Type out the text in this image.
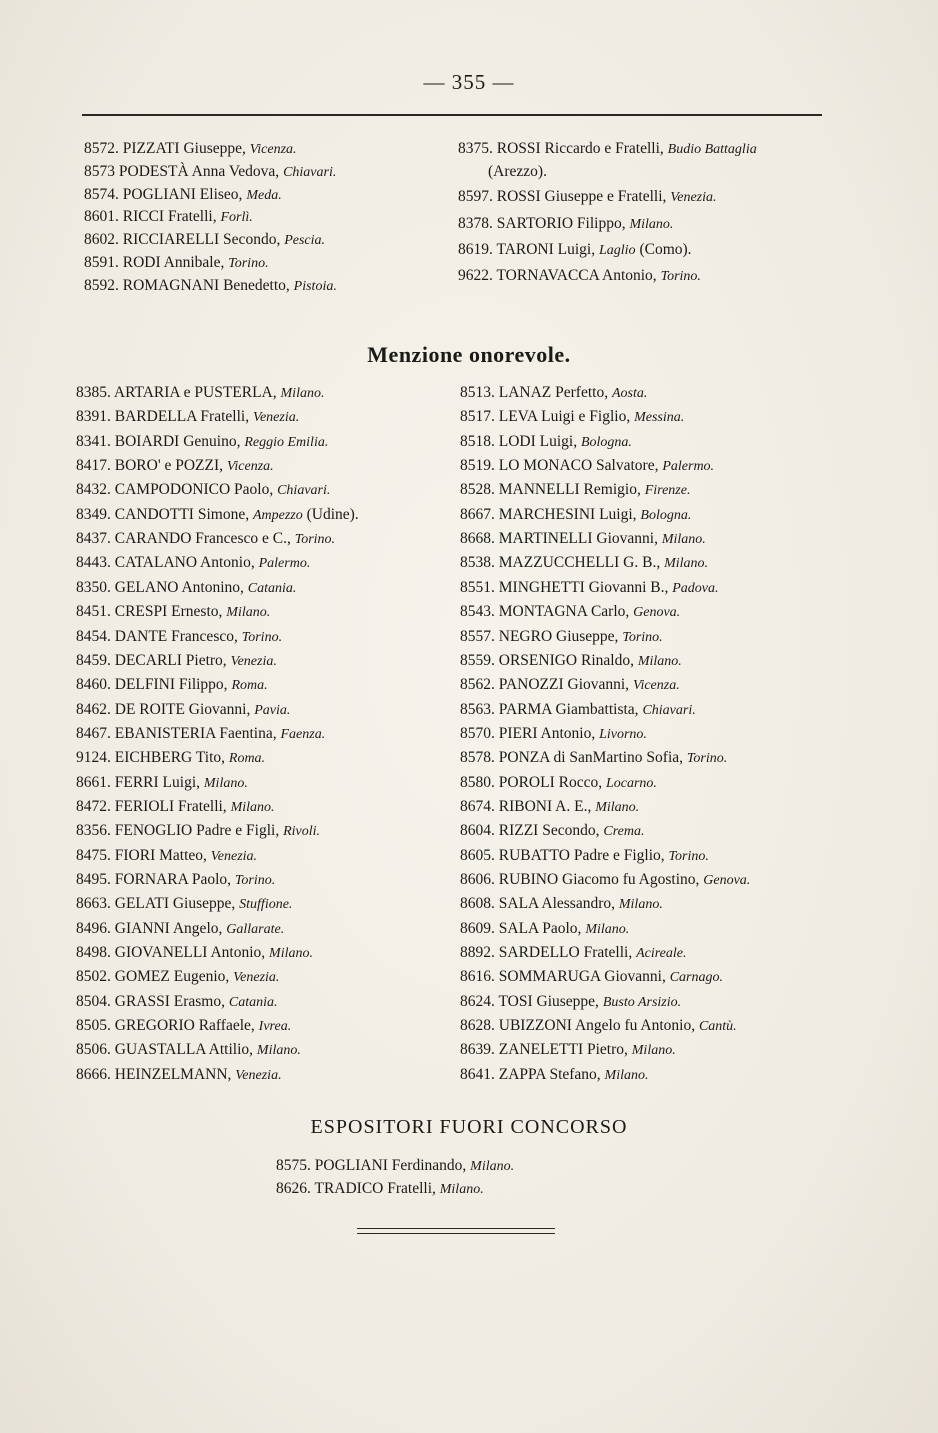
— 355 —
8572. PIZZATI Giuseppe, Vicenza.
8573 PODESTÀ Anna Vedova, Chiavari.
8574. POGLIANI Eliseo, Meda.
8601. RICCI Fratelli, Forlì.
8602. RICCIARELLI Secondo, Pescia.
8591. RODI Annibale, Torino.
8592. ROMAGNANI Benedetto, Pistoia.
8375. ROSSI Riccardo e Fratelli, Budio Battaglia
(Arezzo).
8597. ROSSI Giuseppe e Fratelli, Venezia.
8378. SARTORIO Filippo, Milano.
8619. TARONI Luigi, Laglio (Como).
9622. TORNAVACCA Antonio, Torino.
Menzione onorevole.
8385. ARTARIA e PUSTERLA, Milano.
8391. BARDELLA Fratelli, Venezia.
8341. BOIARDI Genuino, Reggio Emilia.
8417. BORO' e POZZI, Vicenza.
8432. CAMPODONICO Paolo, Chiavari.
8349. CANDOTTI Simone, Ampezzo (Udine).
8437. CARANDO Francesco e C., Torino.
8443. CATALANO Antonio, Palermo.
8350. GELANO Antonino, Catania.
8451. CRESPI Ernesto, Milano.
8454. DANTE Francesco, Torino.
8459. DECARLI Pietro, Venezia.
8460. DELFINI Filippo, Roma.
8462. DE ROITE Giovanni, Pavia.
8467. EBANISTERIA Faentina, Faenza.
9124. EICHBERG Tito, Roma.
8661. FERRI Luigi, Milano.
8472. FERIOLI Fratelli, Milano.
8356. FENOGLIO Padre e Figli, Rivoli.
8475. FIORI Matteo, Venezia.
8495. FORNARA Paolo, Torino.
8663. GELATI Giuseppe, Stuffione.
8496. GIANNI Angelo, Gallarate.
8498. GIOVANELLI Antonio, Milano.
8502. GOMEZ Eugenio, Venezia.
8504. GRASSI Erasmo, Catania.
8505. GREGORIO Raffaele, Ivrea.
8506. GUASTALLA Attilio, Milano.
8666. HEINZELMANN, Venezia.
8513. LANAZ Perfetto, Aosta.
8517. LEVA Luigi e Figlio, Messina.
8518. LODI Luigi, Bologna.
8519. LO MONACO Salvatore, Palermo.
8528. MANNELLI Remigio, Firenze.
8667. MARCHESINI Luigi, Bologna.
8668. MARTINELLI Giovanni, Milano.
8538. MAZZUCCHELLI G. B., Milano.
8551. MINGHETTI Giovanni B., Padova.
8543. MONTAGNA Carlo, Genova.
8557. NEGRO Giuseppe, Torino.
8559. ORSENIGO Rinaldo, Milano.
8562. PANOZZI Giovanni, Vicenza.
8563. PARMA Giambattista, Chiavari.
8570. PIERI Antonio, Livorno.
8578. PONZA di SanMartino Sofia, Torino.
8580. POROLI Rocco, Locarno.
8674. RIBONI A. E., Milano.
8604. RIZZI Secondo, Crema.
8605. RUBATTO Padre e Figlio, Torino.
8606. RUBINO Giacomo fu Agostino, Genova.
8608. SALA Alessandro, Milano.
8609. SALA Paolo, Milano.
8892. SARDELLO Fratelli, Acireale.
8616. SOMMARUGA Giovanni, Carnago.
8624. TOSI Giuseppe, Busto Arsizio.
8628. UBIZZONI Angelo fu Antonio, Cantù.
8639. ZANELETTI Pietro, Milano.
8641. ZAPPA Stefano, Milano.
ESPOSITORI FUORI CONCORSO
8575. POGLIANI Ferdinando, Milano.
8626. TRADICO Fratelli, Milano.
